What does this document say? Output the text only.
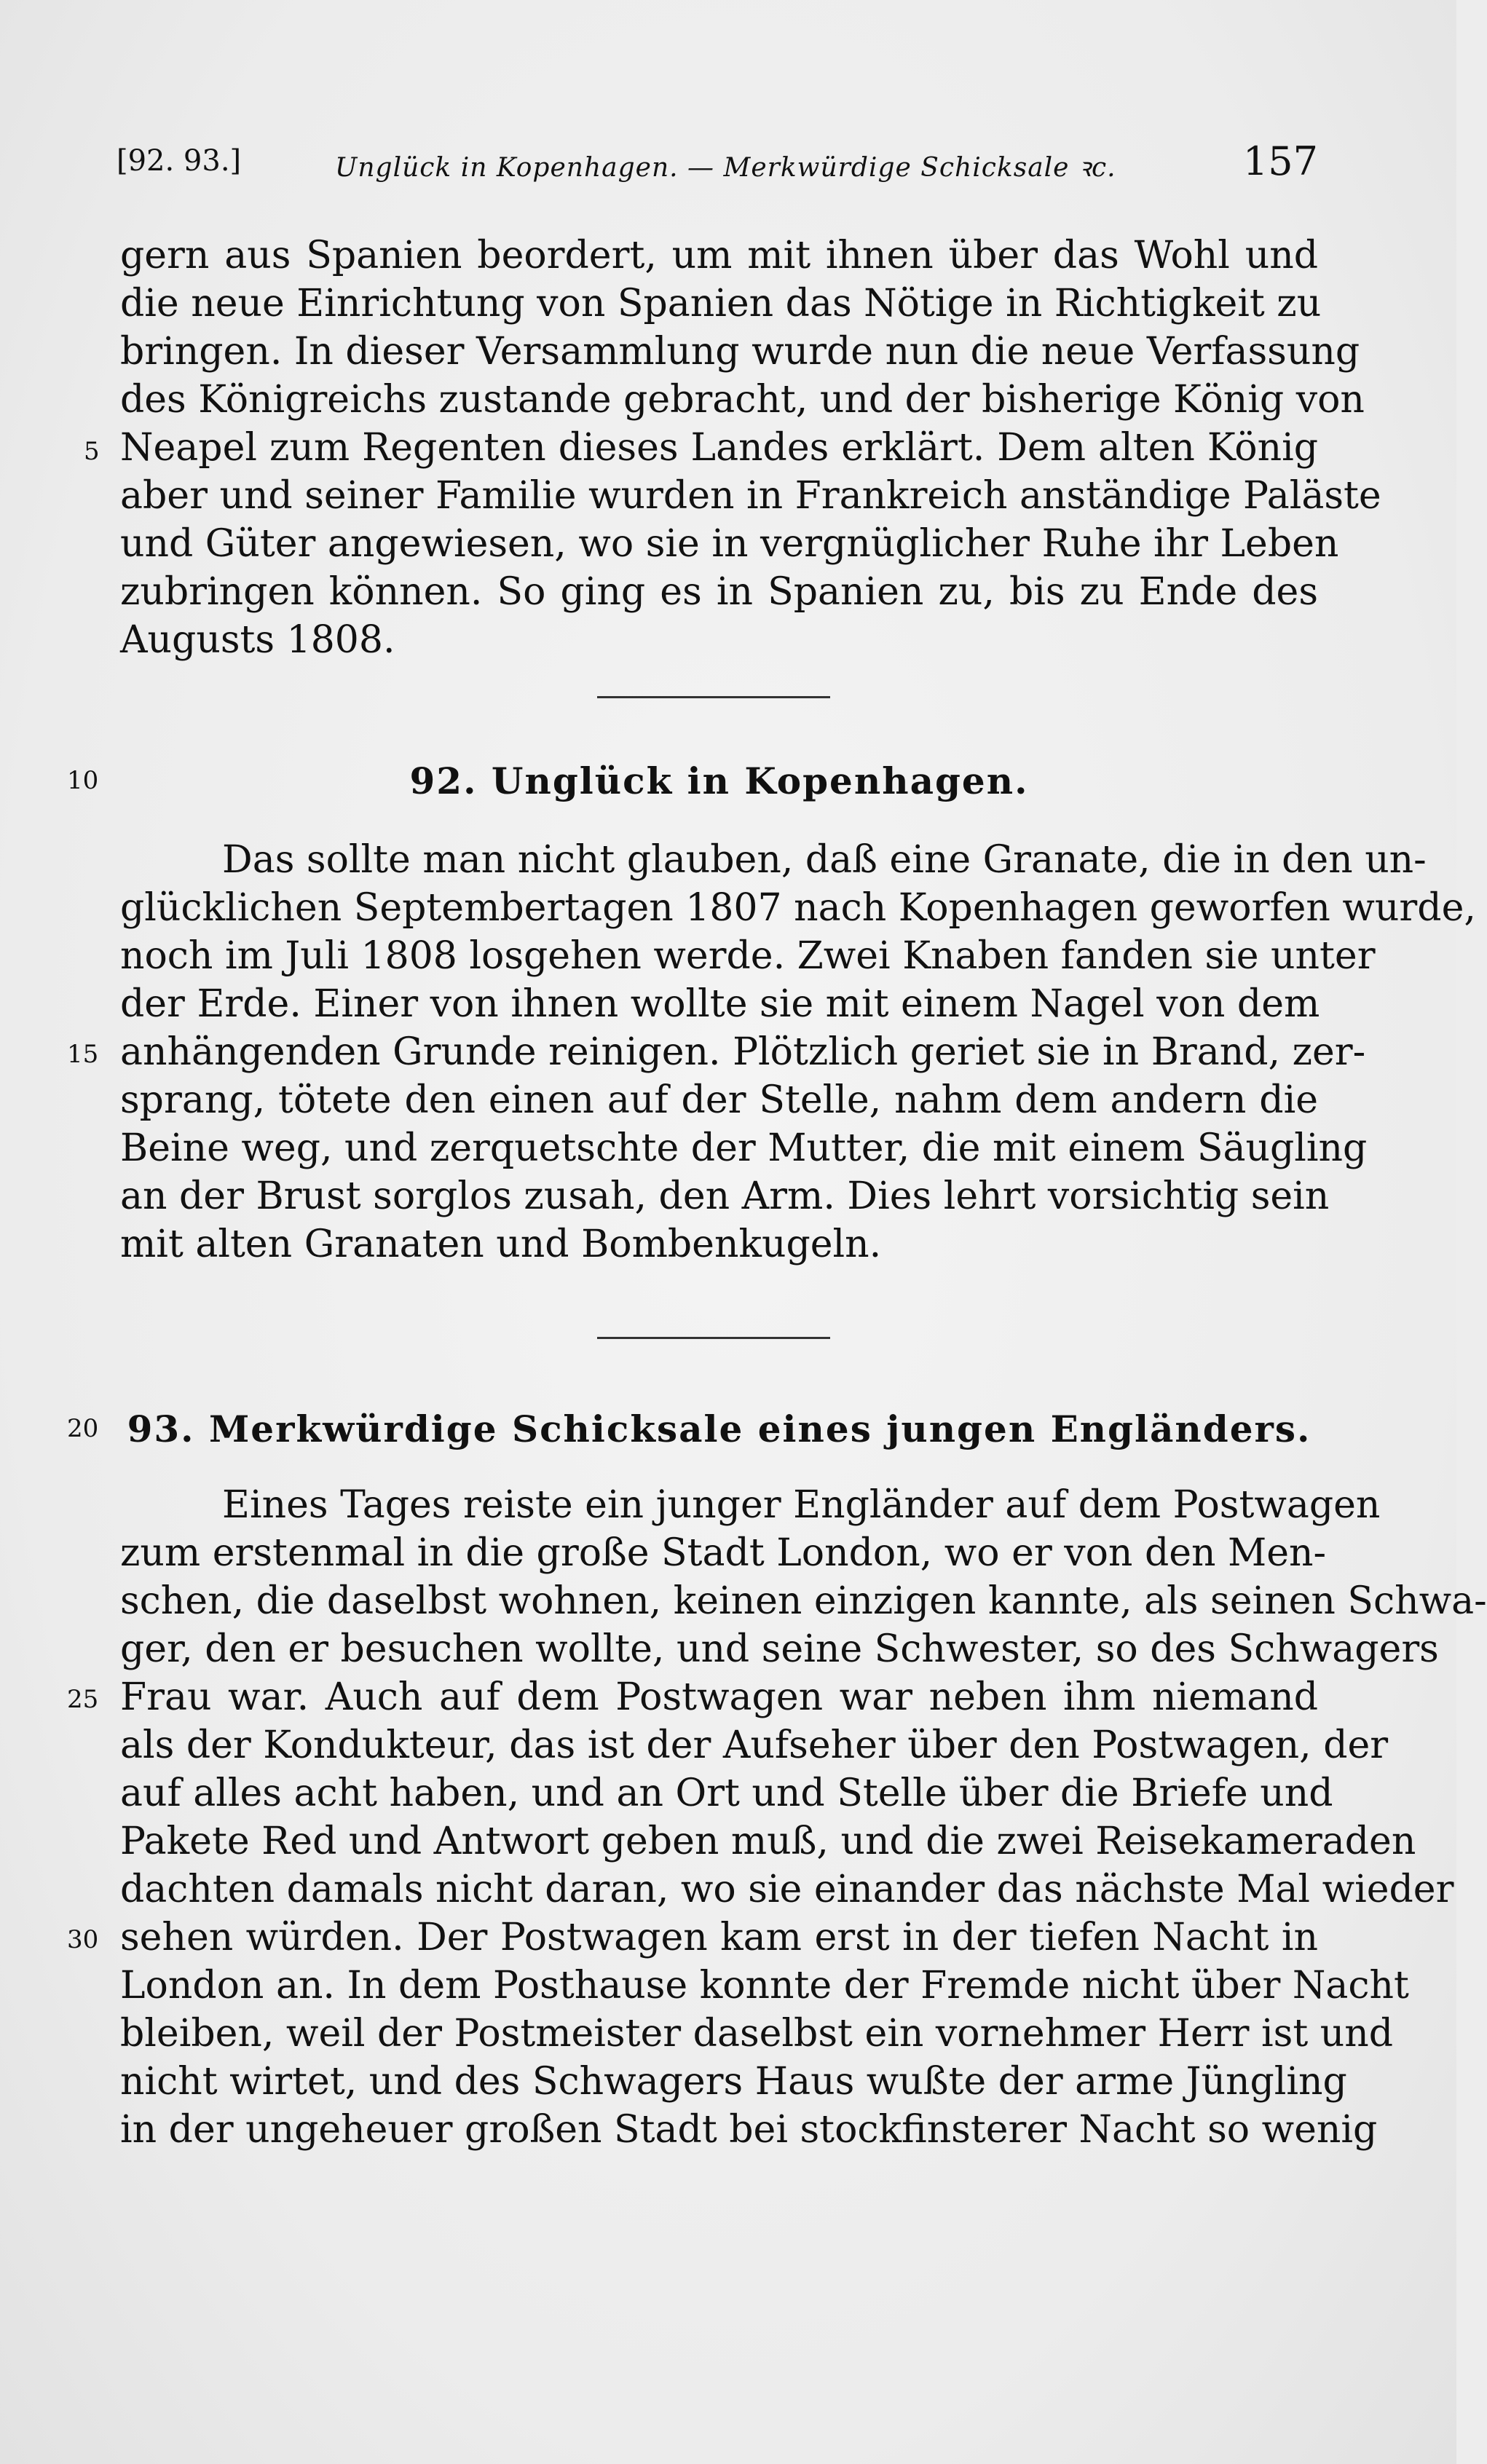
[92. 93.]	Unglück in Kopenhagen. — Merkwürdige Schicksale ꝛc.	157
gern aus Spanien beordert, um mit ihnen über das Wohl und
die neue Einrichtung von Spanien das Nötige in Richtigkeit zu
bringen. In dieser Versammlung wurde nun die neue Verfassung
des Königreichs zustande gebracht, und der bisherige König von
Neapel zum Regenten dieses Landes erklärt. Dem alten König
aber und seiner Familie wurden in Frankreich anständige Paläste
und Güter angewiesen, wo sie in vergnüglicher Ruhe ihr Leben
zubringen können. So ging es in Spanien zu, bis zu Ende des
Augusts 1808.
92. Unglück in Kopenhagen.
Das sollte man nicht glauben, daß eine Granate, die in den un-
glücklichen Septembertagen 1807 nach Kopenhagen geworfen wurde,
noch im Juli 1808 losgehen werde. Zwei Knaben fanden sie unter
der Erde. Einer von ihnen wollte sie mit einem Nagel von dem
anhängenden Grunde reinigen. Plötzlich geriet sie in Brand, zer-
sprang, tötete den einen auf der Stelle, nahm dem andern die
Beine weg, und zerquetschte der Mutter, die mit einem Säugling
an der Brust sorglos zusah, den Arm. Dies lehrt vorsichtig sein
mit alten Granaten und Bombenkugeln.
93. Merkwürdige Schicksale eines jungen Engländers.
Eines Tages reiste ein junger Engländer auf dem Postwagen
zum erstenmal in die große Stadt London, wo er von den Men-
schen, die daselbst wohnen, keinen einzigen kannte, als seinen Schwa-
ger, den er besuchen wollte, und seine Schwester, so des Schwagers
Frau war. Auch auf dem Postwagen war neben ihm niemand
als der Kondukteur, das ist der Aufseher über den Postwagen, der
auf alles acht haben, und an Ort und Stelle über die Briefe und
Pakete Red und Antwort geben muß, und die zwei Reisekameraden
dachten damals nicht daran, wo sie einander das nächste Mal wieder
sehen würden. Der Postwagen kam erst in der tiefen Nacht in
London an. In dem Posthause konnte der Fremde nicht über Nacht
bleiben, weil der Postmeister daselbst ein vornehmer Herr ist und
nicht wirtet, und des Schwagers Haus wußte der arme Jüngling
in der ungeheuer großen Stadt bei stockfinsterer Nacht so wenig
5
10
15
20
25
30
